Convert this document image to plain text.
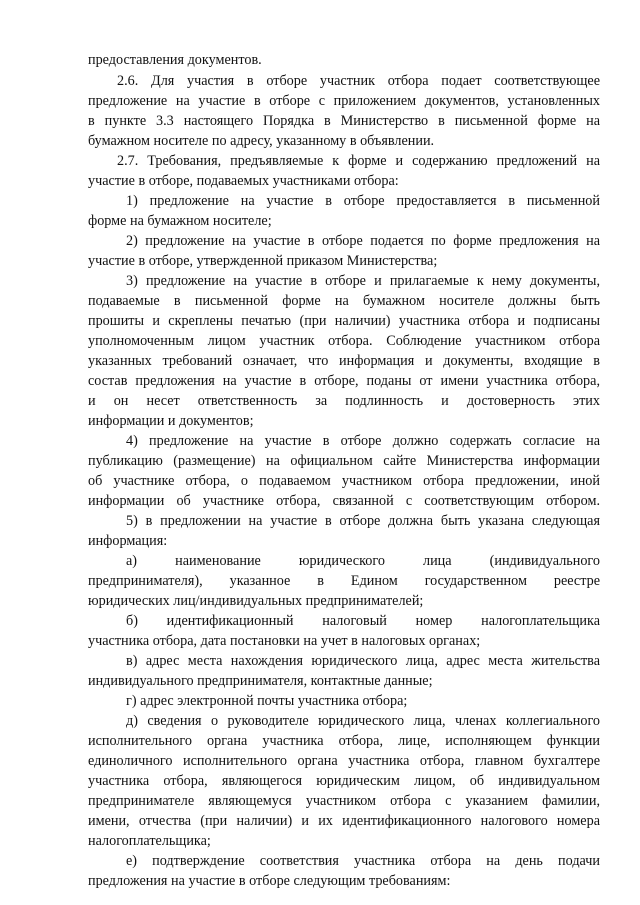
предоставления документов.
2.6. Для участия в отборе участник отбора подает соответствующее
предложение на участие в отборе с приложением документов, установленных
в пункте 3.3 настоящего Порядка в Министерство в письменной форме на
бумажном носителе по адресу, указанному в объявлении.
2.7. Требования, предъявляемые к форме и содержанию предложений на
участие в отборе, подаваемых участниками отбора:
1) предложение на участие в отборе предоставляется в письменной
форме на бумажном носителе;
2) предложение на участие в отборе подается по форме предложения на
участие в отборе, утвержденной приказом Министерства;
3) предложение на участие в отборе и прилагаемые к нему документы,
подаваемые в письменной форме на бумажном носителе должны быть
прошиты и скреплены печатью (при наличии) участника отбора и подписаны
уполномоченным лицом участник отбора. Соблюдение участником отбора
указанных требований означает, что информация и документы, входящие в
состав предложения на участие в отборе, поданы от имени участника отбора,
и он несет ответственность за подлинность и достоверность этих
информации и документов;
4) предложение на участие в отборе должно содержать согласие на
публикацию (размещение) на официальном сайте Министерства информации
об участнике отбора, о подаваемом участником отбора предложении, иной
информации об участнике отбора, связанной с соответствующим отбором.
5) в предложении на участие в отборе должна быть указана следующая
информация:
а) наименование юридического лица (индивидуального
предпринимателя), указанное в Едином государственном реестре
юридических лиц/индивидуальных предпринимателей;
б) идентификационный налоговый номер налогоплательщика
участника отбора, дата постановки на учет в налоговых органах;
в) адрес места нахождения юридического лица, адрес места жительства
индивидуального предпринимателя, контактные данные;
г) адрес электронной почты участника отбора;
д) сведения о руководителе юридического лица, членах коллегиального
исполнительного органа участника отбора, лице, исполняющем функции
единоличного исполнительного органа участника отбора, главном бухгалтере
участника отбора, являющегося юридическим лицом, об индивидуальном
предпринимателе являющемуся участником отбора с указанием фамилии,
имени, отчества (при наличии) и их идентификационного налогового номера
налогоплательщика;
е) подтверждение соответствия участника отбора на день подачи
предложения на участие в отборе следующим требованиям:
